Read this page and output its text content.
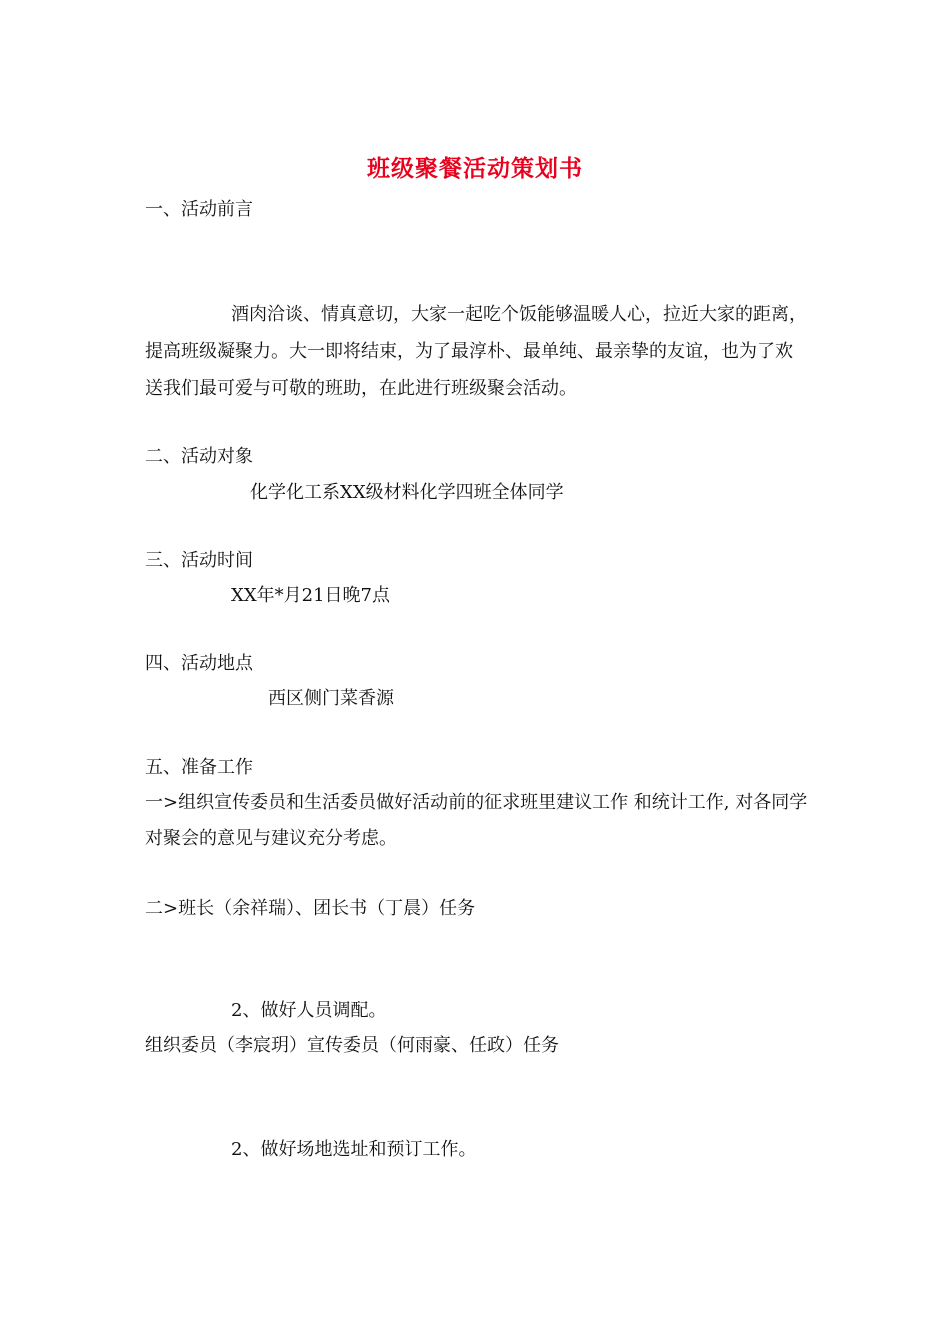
班级聚餐活动策划书
一、活动前言
酒肉洽谈、情真意切，大家一起吃个饭能够温暖人心，拉近大家的距离，提高班级凝聚力。大一即将结束，为了最淳朴、最单纯、最亲挚的友谊，也为了欢送我们最可爱与可敬的班助，在此进行班级聚会活动。
二、活动对象
化学化工系XX级材料化学四班全体同学
三、活动时间
XX年*月21日晚7点
四、活动地点
西区侧门菜香源
五、准备工作
一>组织宣传委员和生活委员做好活动前的征求班里建议工作 和统计工作, 对各同学对聚会的意见与建议充分考虑。
二>班长（余祥瑞）、团长书（丁晨）任务
2、做好人员调配。
组织委员（李宸玥）宣传委员（何雨豪、任政）任务
2、做好场地选址和预订工作。
